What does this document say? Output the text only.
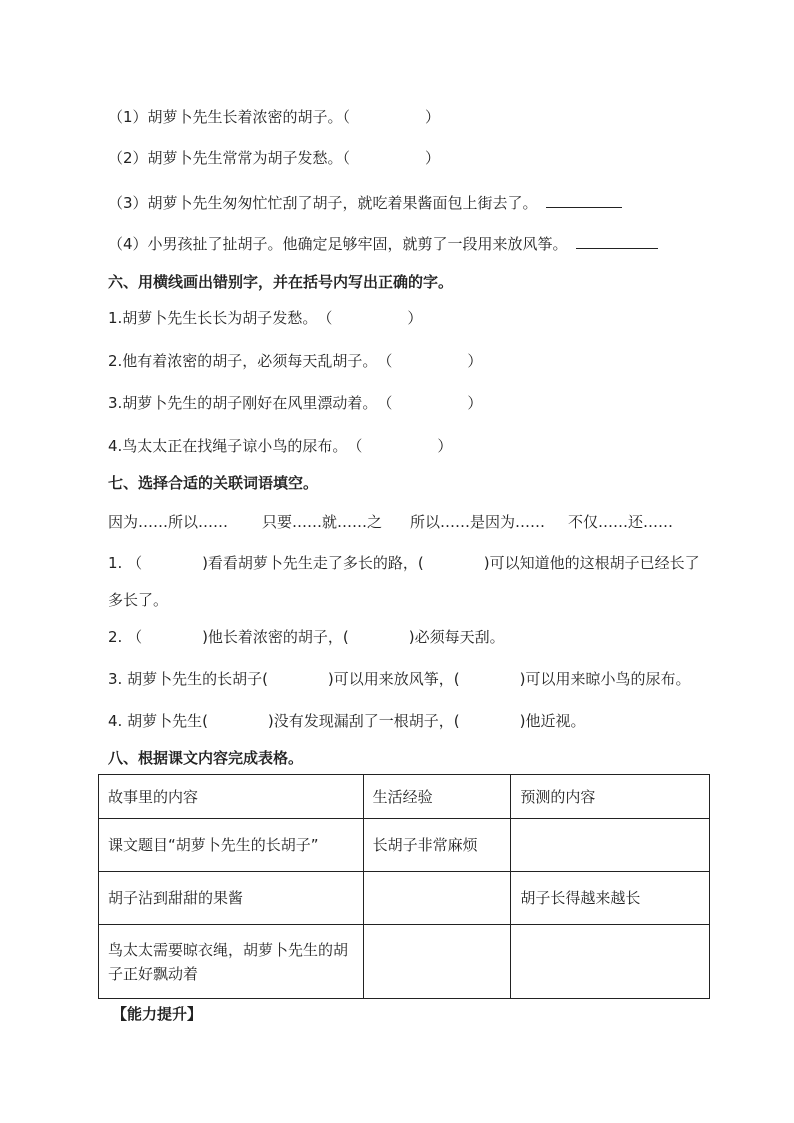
（1）胡萝卜先生长着浓密的胡子。（　　　　　）
（2）胡萝卜先生常常为胡子发愁。（　　　　　）
（3）胡萝卜先生匆匆忙忙刮了胡子，就吃着果酱面包上街去了。
（4）小男孩扯了扯胡子。他确定足够牢固，就剪了一段用来放风筝。
六、用横线画出错别字，并在括号内写出正确的字。
1.胡萝卜先生长长为胡子发愁。　（　　　　　）
2.他有着浓密的胡子，必须每天乱胡子。　（　　　　　）
3.胡萝卜先生的胡子刚好在风里漂动着。　（　　　　　）
4.鸟太太正在找绳子谅小鸟的尿布。　（　　　　　）
七、选择合适的关联词语填空。
因为……所以…… 只要……就……之 所以……是因为…… 不仅……还……
1. （　　　　)看看胡萝卜先生走了多长的路，(　　　　)可以知道他的这根胡子已经长了
多长了。
2. （　　　　)他长着浓密的胡子，(　　　　)必须每天刮。
3. 胡萝卜先生的长胡子(　　　　)可以用来放风筝，(　　　　)可以用来晾小鸟的尿布。
4. 胡萝卜先生(　　　　)没有发现漏刮了一根胡子，(　　　　)他近视。
八、根据课文内容完成表格。
故事里的内容	生活经验	预测的内容
课文题目“胡萝卜先生的长胡子”	长胡子非常麻烦	
胡子沾到甜甜的果酱		胡子长得越来越长
鸟太太需要晾衣绳，胡萝卜先生的胡子正好飘动着		
【能力提升】
